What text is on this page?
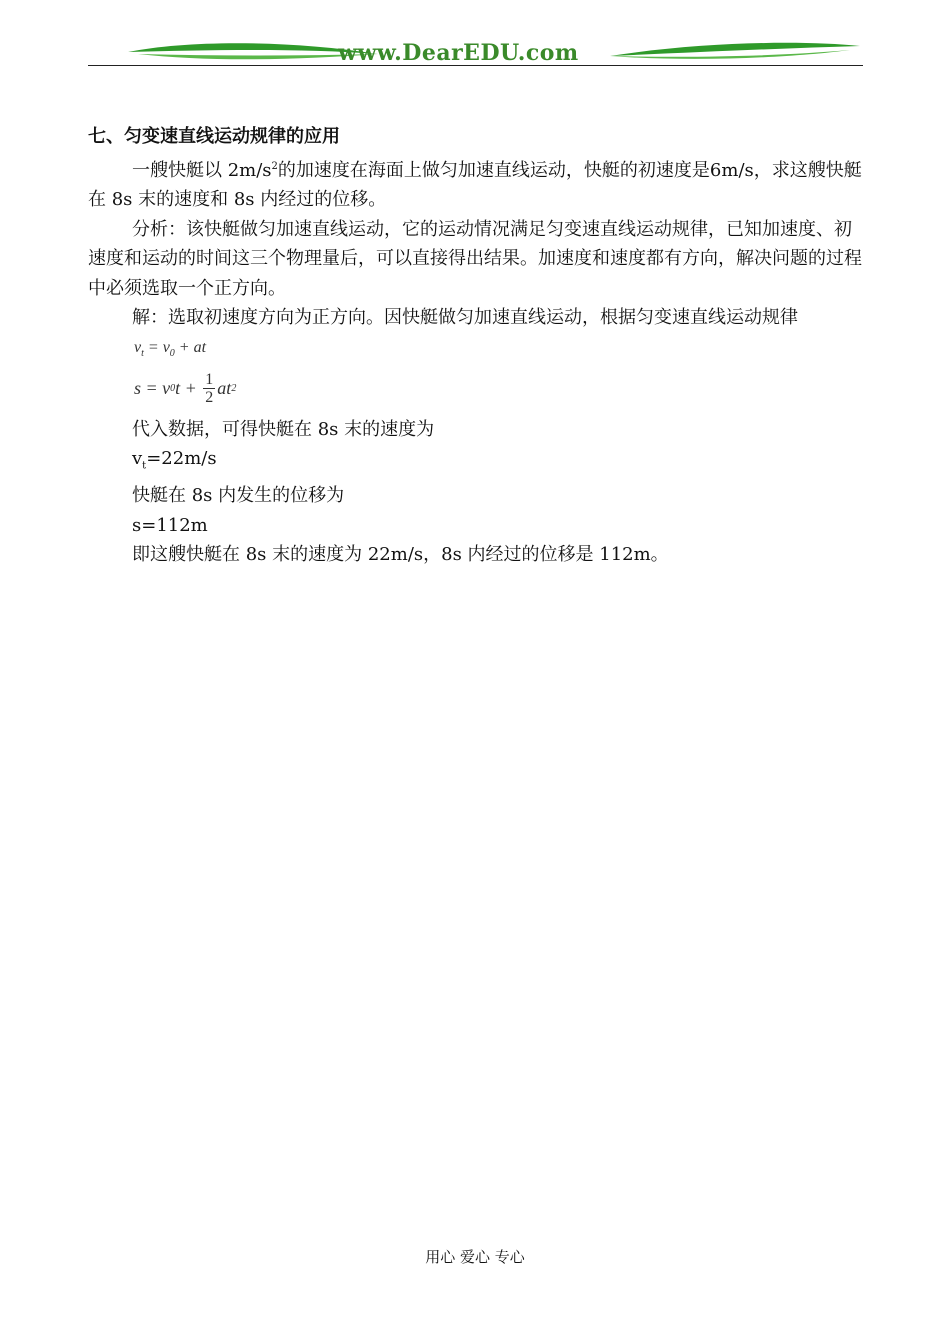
www.DearEDU.com

七、匀变速直线运动规律的应用

一艘快艇以 $2m/s^2$的加速度在海面上做匀加速直线运动，快艇的初速度是6m/s，求这艘快艇在 8s 末的速度和 8s 内经过的位移。

分析：该快艇做匀加速直线运动，它的运动情况满足匀变速直线运动规律，已知加速度、初速度和运动的时间这三个物理量后，可以直接得出结果。加速度和速度都有方向，解决问题的过程中必须选取一个正方向。

解：选取初速度方向为正方向。因快艇做匀加速直线运动，根据匀变速直线运动规律

$v_t = v_0$ + at
s = v 0 $t + \frac{1}{2}$ at 2

代入数据，可得快艇在 8s 末的速度为

$v_t=22m/s$

快艇在 8s 内发生的位移为

s=112m

即这艘快艇在 8s 末的速度为 22m/s，8s 内经过的位移是 112m。

用心 爱心 专心
